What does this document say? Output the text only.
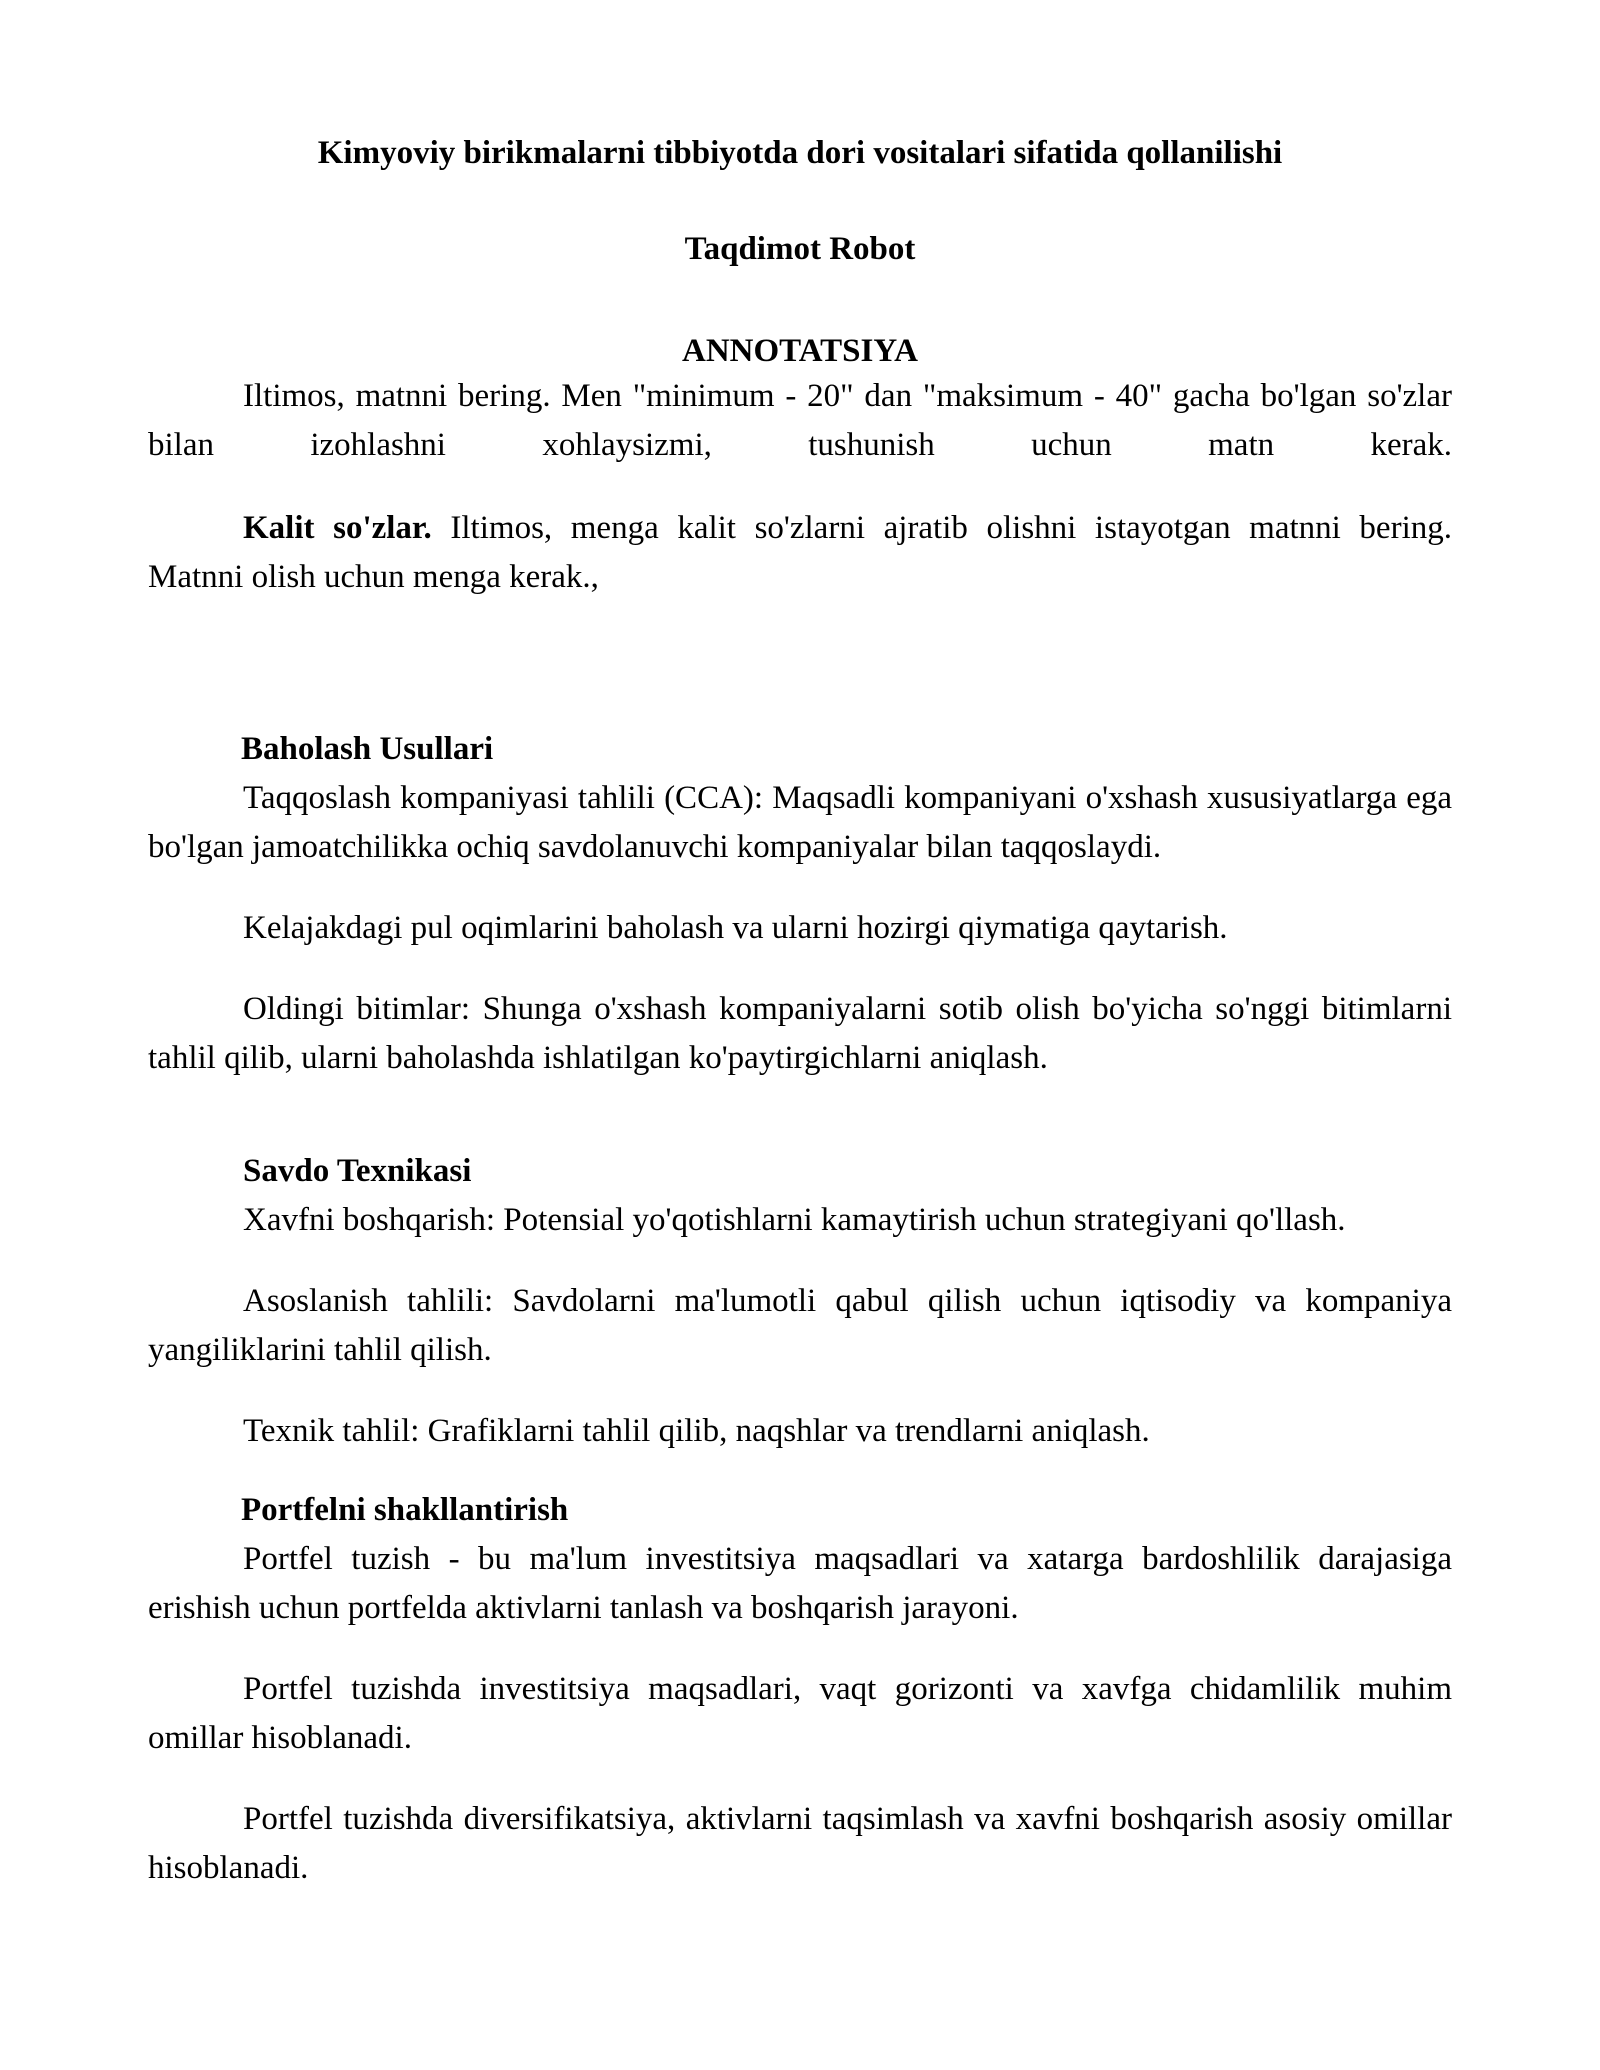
Kimyoviy birikmalarni tibbiyotda dori vositalari sifatida qollanilishi
Taqdimot Robot
ANNOTATSIYA

Iltimos, matnni bering. Men "minimum - 20" dan "maksimum - 40" gacha bo'lgan so'zlar bilan izohlashni xohlaysizmi, tushunish uchun matn kerak.

Kalit so'zlar. Iltimos, menga kalit so'zlarni ajratib olishni istayotgan matnni bering. Matnni olish uchun menga kerak.,

Baholash Usullari

Taqqoslash kompaniyasi tahlili (CCA): Maqsadli kompaniyani o'xshash xususiyatlarga ega bo'lgan jamoatchilikka ochiq savdolanuvchi kompaniyalar bilan taqqoslaydi.

Kelajakdagi pul oqimlarini baholash va ularni hozirgi qiymatiga qaytarish.

Oldingi bitimlar: Shunga o'xshash kompaniyalarni sotib olish bo'yicha so'nggi bitimlarni tahlil qilib, ularni baholashda ishlatilgan ko'paytirgichlarni aniqlash.

Savdo Texnikasi

Xavfni boshqarish: Potensial yo'qotishlarni kamaytirish uchun strategiyani qo'llash.

Asoslanish tahlili: Savdolarni ma'lumotli qabul qilish uchun iqtisodiy va kompaniya yangiliklarini tahlil qilish.

Texnik tahlil: Grafiklarni tahlil qilib, naqshlar va trendlarni aniqlash.

Portfelni shakllantirish

Portfel tuzish - bu ma'lum investitsiya maqsadlari va xatarga bardoshlilik darajasiga erishish uchun portfelda aktivlarni tanlash va boshqarish jarayoni.

Portfel tuzishda investitsiya maqsadlari, vaqt gorizonti va xavfga chidamlilik muhim omillar hisoblanadi.

Portfel tuzishda diversifikatsiya, aktivlarni taqsimlash va xavfni boshqarish asosiy omillar hisoblanadi.
